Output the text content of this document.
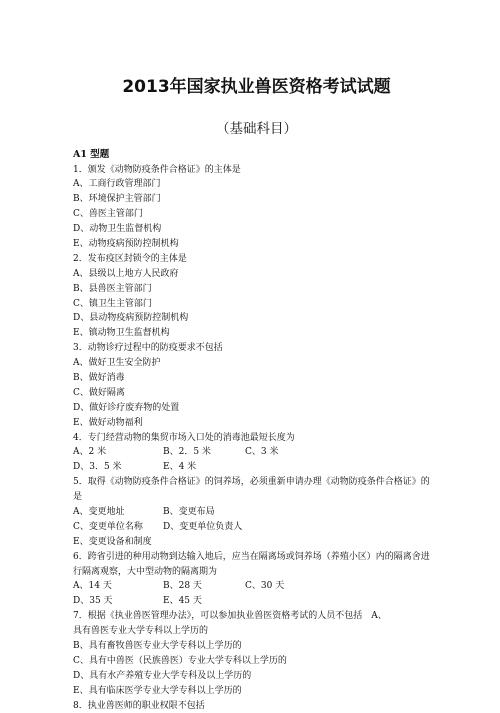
2013年国家执业兽医资格考试试题
（基础科目）
A1 型题
1．颁发《动物防疫条件合格证》的主体是
A、工商行政管理部门
B、环境保护主管部门
C、兽医主管部门
D、动物卫生监督机构
E、动物疫病预防控制机构
2．发布疫区封锁令的主体是
A、县级以上地方人民政府
B、县兽医主管部门
C、镇卫生主管部门
D、县动物疫病预防控制机构
E、镇动物卫生监督机构
3．动物诊疗过程中的防疫要求不包括
A、做好卫生安全防护
B、做好消毒
C、做好隔离
D、做好诊疗废弃物的处置
E、做好动物福利
4．专门经营动物的集贸市场入口处的消毒池最短长度为
A、2 米	B、2．5 米	C、3 米
D、3．5 米	E、4 米
5．取得《动物防疫条件合格证》的饲养场，必须重新申请办理《动物防疫条件合格证》的
是
A、变更地址	B、变更布局
C、变更单位名称 D、变更单位负责人
E、变更设备和制度
6．跨省引进的种用动物到达输入地后，应当在隔离场或饲养场（养殖小区）内的隔离舍进
行隔离观察，大中型动物的隔离期为
A、14 天	B、28 天	C、30 天
D、35 天	E、45 天
7．根据《执业兽医管理办法》，可以参加执业兽医资格考试的人员不包括　A、
具有兽医专业大学专科以上学历的
B、具有畜牧兽医专业大学专科以上学历的
C、具有中兽医（民族兽医）专业大学专科以上学历的
D、具有水产养殖专业大学专科及以上学历的
E、具有临床医学专业大学专科以上学历的
8．执业兽医师的职业权限不包括
